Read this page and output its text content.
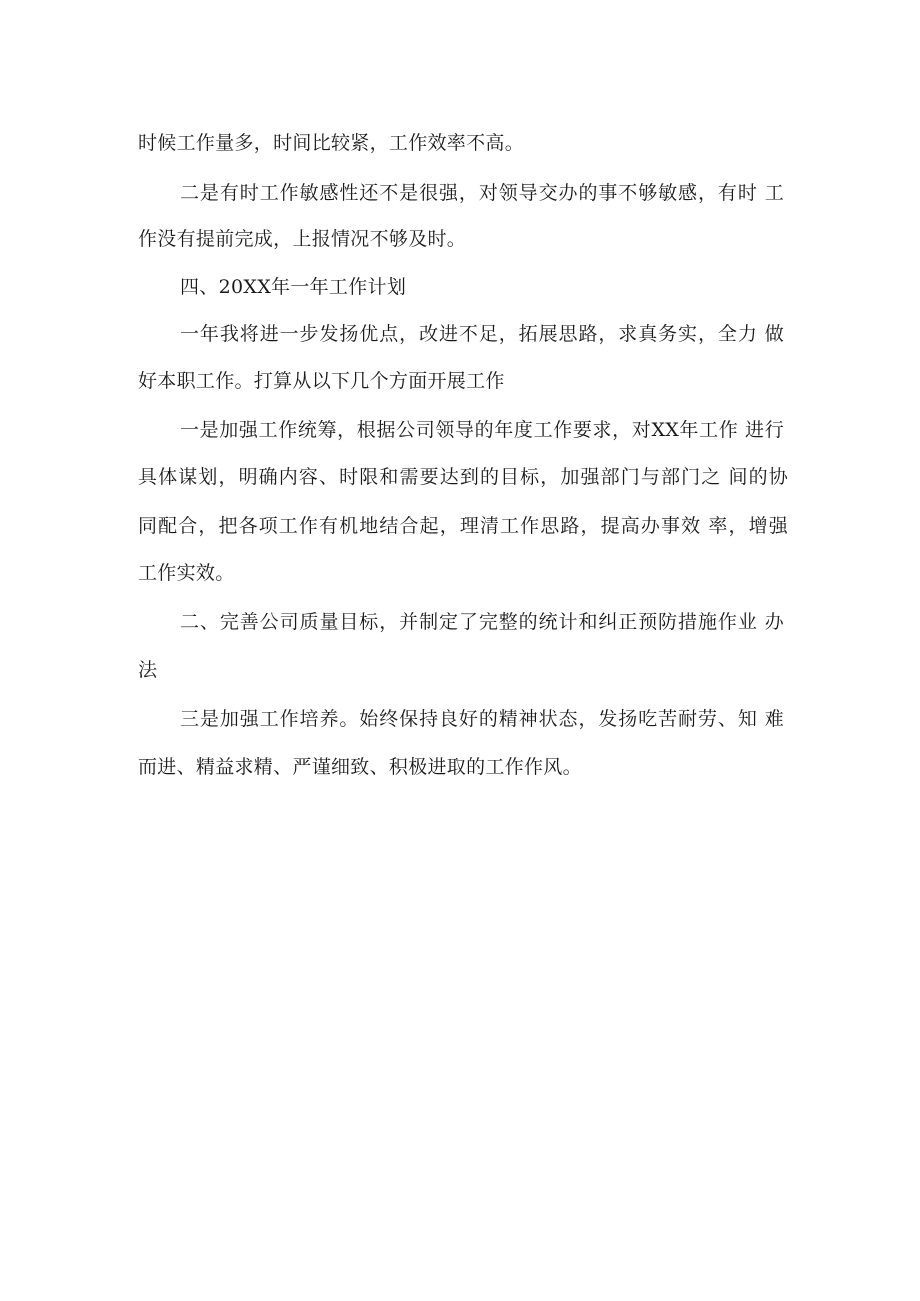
时候工作量多，时间比较紧，工作效率不高。
二是有时工作敏感性还不是很强，对领导交办的事不够敏感，有时 工
作没有提前完成，上报情况不够及时。
四、20XX年一年工作计划
一年我将进一步发扬优点，改进不足，拓展思路，求真务实，全力 做
好本职工作。打算从以下几个方面开展工作
一是加强工作统筹，根据公司领导的年度工作要求，对XX年工作 进行
具体谋划，明确内容、时限和需要达到的目标，加强部门与部门之 间的协
同配合，把各项工作有机地结合起，理清工作思路，提高办事效 率，增强
工作实效。
二、完善公司质量目标，并制定了完整的统计和纠正预防措施作业 办
法
三是加强工作培养。始终保持良好的精神状态，发扬吃苦耐劳、知 难
而进、精益求精、严谨细致、积极进取的工作作风。
